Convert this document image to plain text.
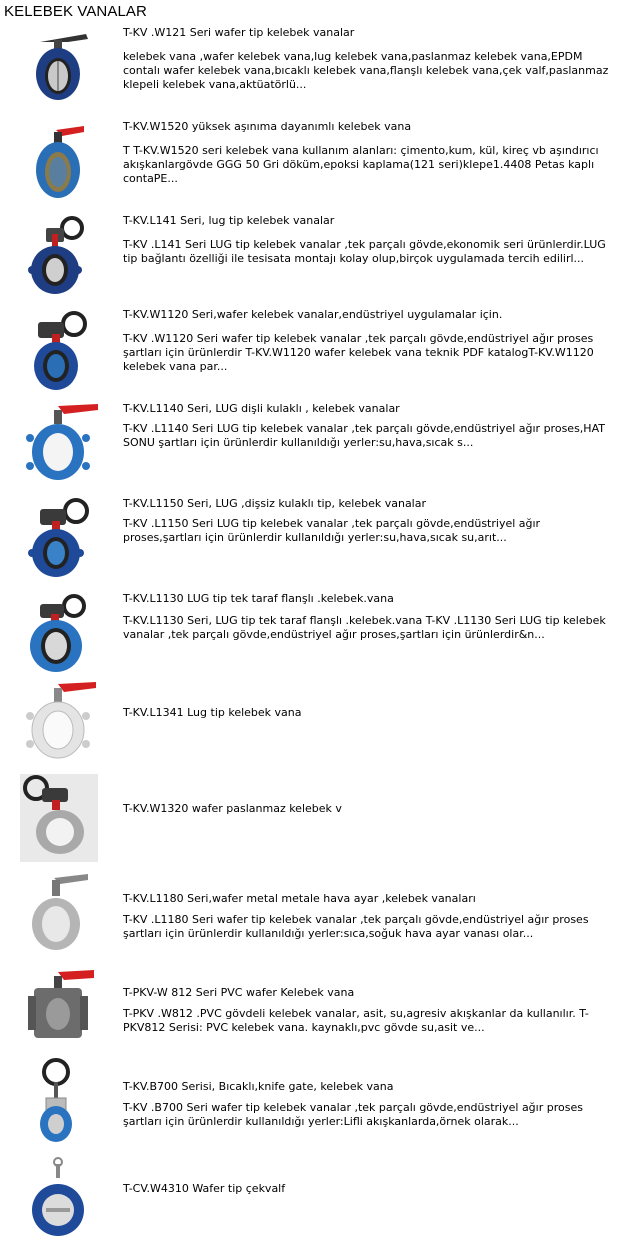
KELEBEK VANALAR
T-KV .W121 Seri wafer tip kelebek vanalar
kelebek vana ,wafer kelebek vana,lug kelebek vana,paslanmaz kelebek vana,EPDM contalı wafer kelebek vana,bıcaklı kelebek vana,flanşlı kelebek vana,çek valf,paslanmaz klepeli kelebek vana,aktüatörlü...
T-KV.W1520 yüksek aşınıma dayanımlı kelebek vana
T T-KV.W1520 seri kelebek vana kullanım alanları: çimento,kum, kül, kireç vb aşındırıcı akışkanlargövde GGG 50 Gri döküm,epoksi kaplama(121 seri)klepe1.4408 Petas kaplı contaPE...
T-KV.L141 Seri, lug tip kelebek vanalar
T-KV .L141 Seri LUG tip kelebek vanalar ,tek parçalı gövde,ekonomik seri ürünlerdir.LUG tip bağlantı özelliği ile tesisata montajı kolay olup,birçok uygulamada tercih edilirl...
T-KV.W1120 Seri,wafer kelebek vanalar,endüstriyel uygulamalar için.
T-KV .W1120 Seri wafer tip kelebek vanalar ,tek parçalı gövde,endüstriyel ağır proses şartları için ürünlerdir T-KV.W1120 wafer kelebek vana teknik PDF katalogT-KV.W1120 kelebek vana par...
T-KV.L1140 Seri, LUG dişli kulaklı , kelebek vanalar
T-KV .L1140 Seri LUG tip kelebek vanalar ,tek parçalı gövde,endüstriyel ağır proses,HAT SONU şartları için ürünlerdir kullanıldığı yerler:su,hava,sıcak s...
T-KV.L1150 Seri, LUG ,dişsiz kulaklı tip, kelebek vanalar
T-KV .L1150 Seri LUG tip kelebek vanalar ,tek parçalı gövde,endüstriyel ağır proses,şartları için ürünlerdir kullanıldığı yerler:su,hava,sıcak su,arıt...
T-KV.L1130 LUG tip tek taraf flanşlı .kelebek.vana
T-KV.L1130 Seri, LUG tip tek taraf flanşlı .kelebek.vana T-KV .L1130 Seri LUG tip kelebek vanalar ,tek parçalı gövde,endüstriyel ağır proses,şartları için ürünlerdir&n...
T-KV.L1341 Lug tip kelebek vana
T-KV.W1320 wafer paslanmaz kelebek v
T-KV.L1180 Seri,wafer metal metale hava ayar ,kelebek vanaları
T-KV .L1180 Seri wafer tip kelebek vanalar ,tek parçalı gövde,endüstriyel ağır proses şartları için ürünlerdir kullanıldığı yerler:sıca,soğuk hava ayar vanası olar...
T-PKV-W 812 Seri PVC wafer Kelebek vana
T-PKV .W812 .PVC gövdeli kelebek vanalar, asit, su,agresiv akışkanlar da kullanılır. T-PKV812 Serisi: PVC kelebek vana. kaynaklı,pvc gövde su,asit ve...
T-KV.B700 Serisi, Bıcaklı,knife gate, kelebek vana
T-KV .B700 Seri wafer tip kelebek vanalar ,tek parçalı gövde,endüstriyel ağır proses şartları için ürünlerdir kullanıldığı yerler:Lifli akışkanlarda,örnek olarak...
T-CV.W4310 Wafer tip çekvalf
